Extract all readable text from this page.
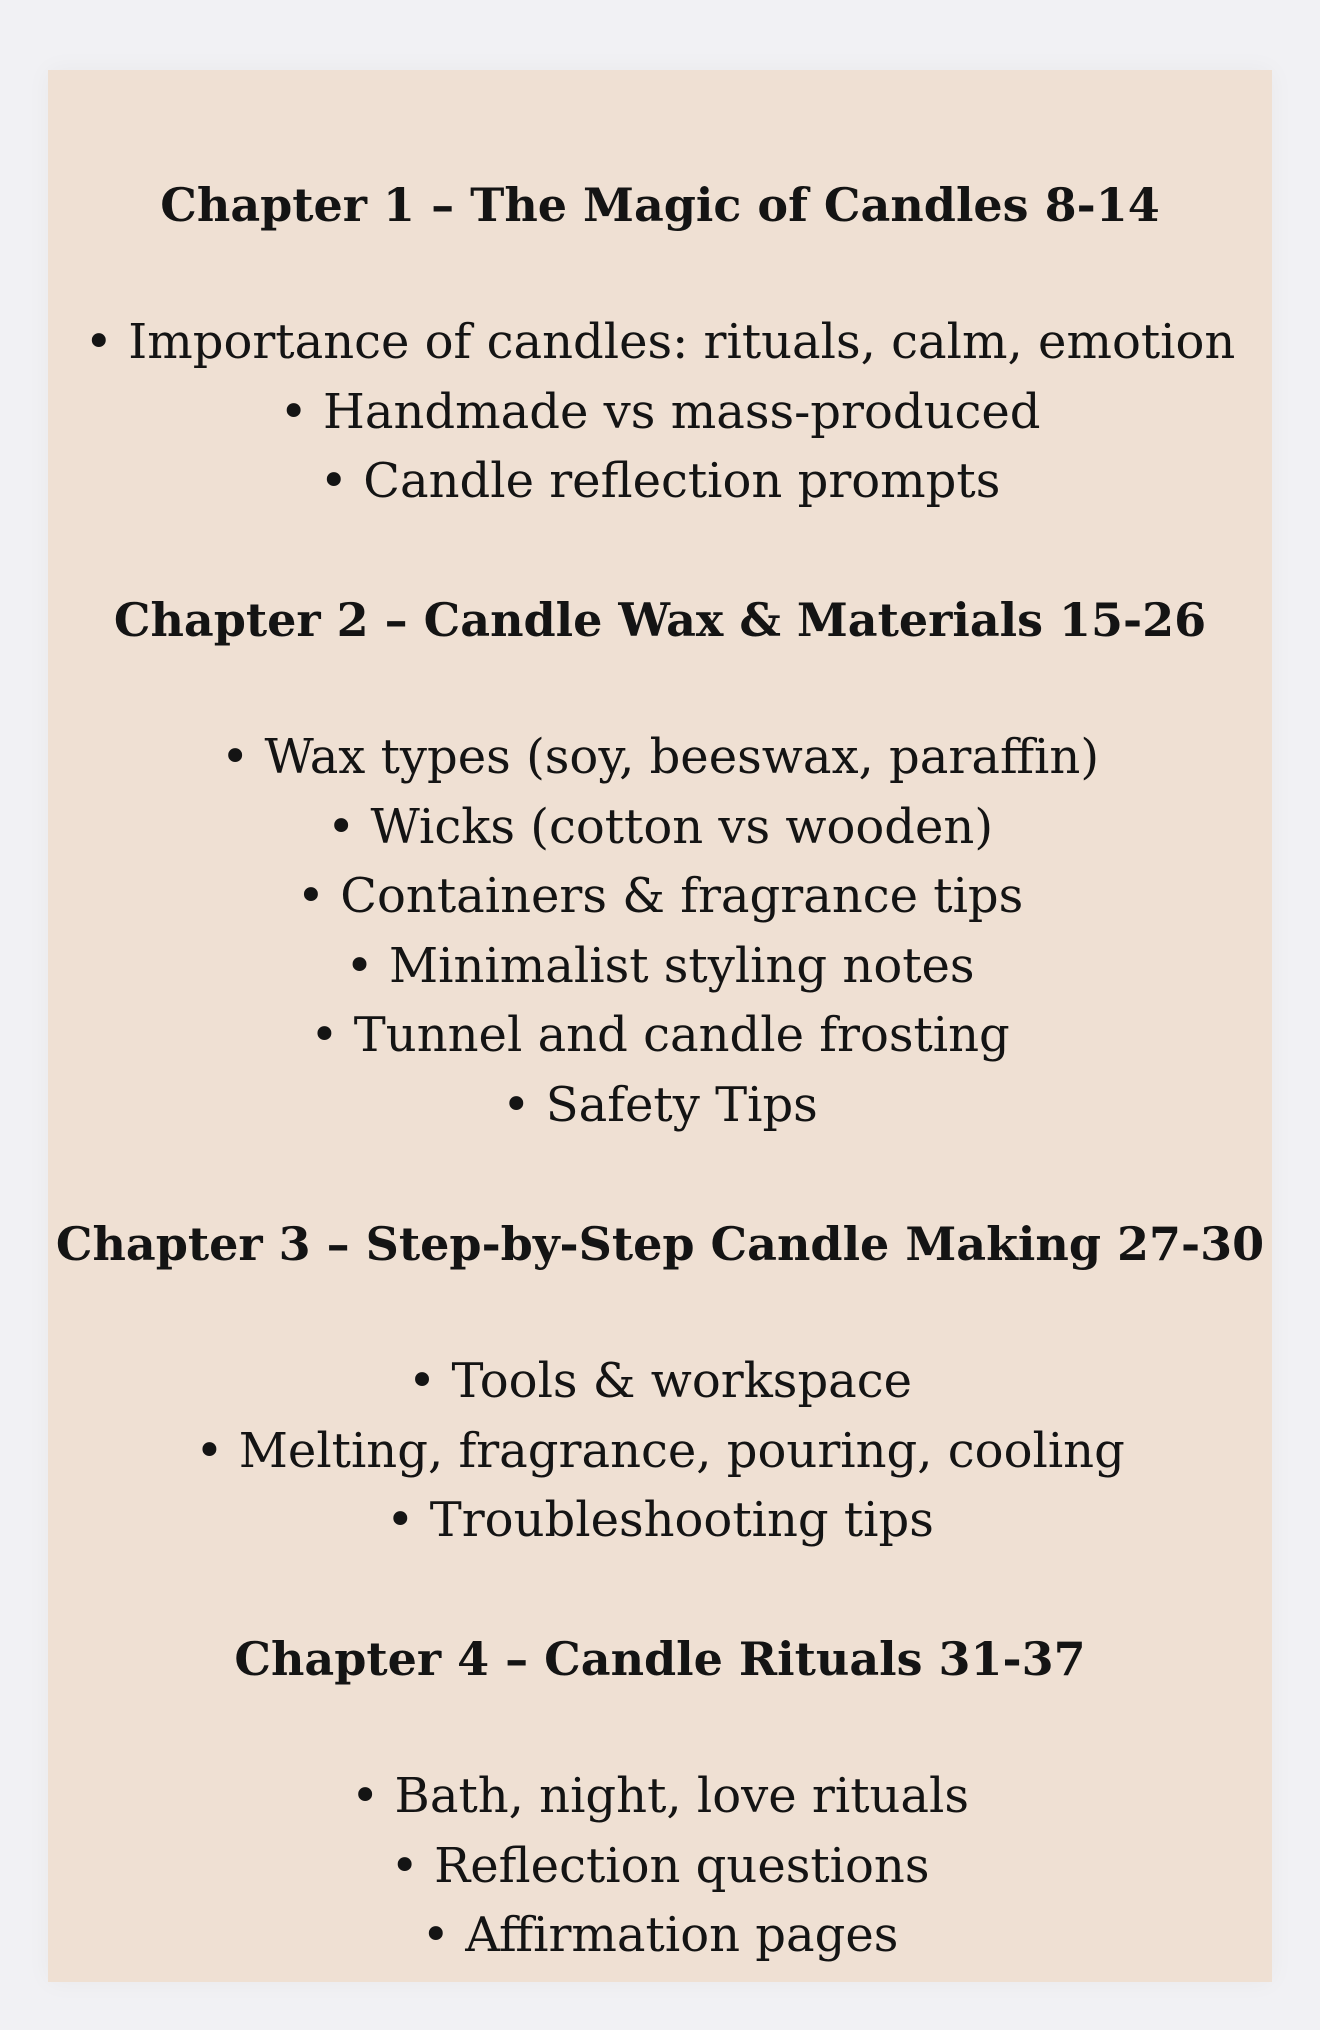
Chapter 1 – The Magic of Candles 8-14
• Importance of candles: rituals, calm, emotion
• Handmade vs mass-produced
• Candle reflection prompts
Chapter 2 – Candle Wax & Materials 15-26
• Wax types (soy, beeswax, paraffin)
• Wicks (cotton vs wooden)
• Containers & fragrance tips
• Minimalist styling notes
• Tunnel and candle frosting
• Safety Tips
Chapter 3 – Step-by-Step Candle Making 27-30
• Tools & workspace
• Melting, fragrance, pouring, cooling
• Troubleshooting tips
Chapter 4 – Candle Rituals 31-37
• Bath, night, love rituals
• Reflection questions
• Affirmation pages
